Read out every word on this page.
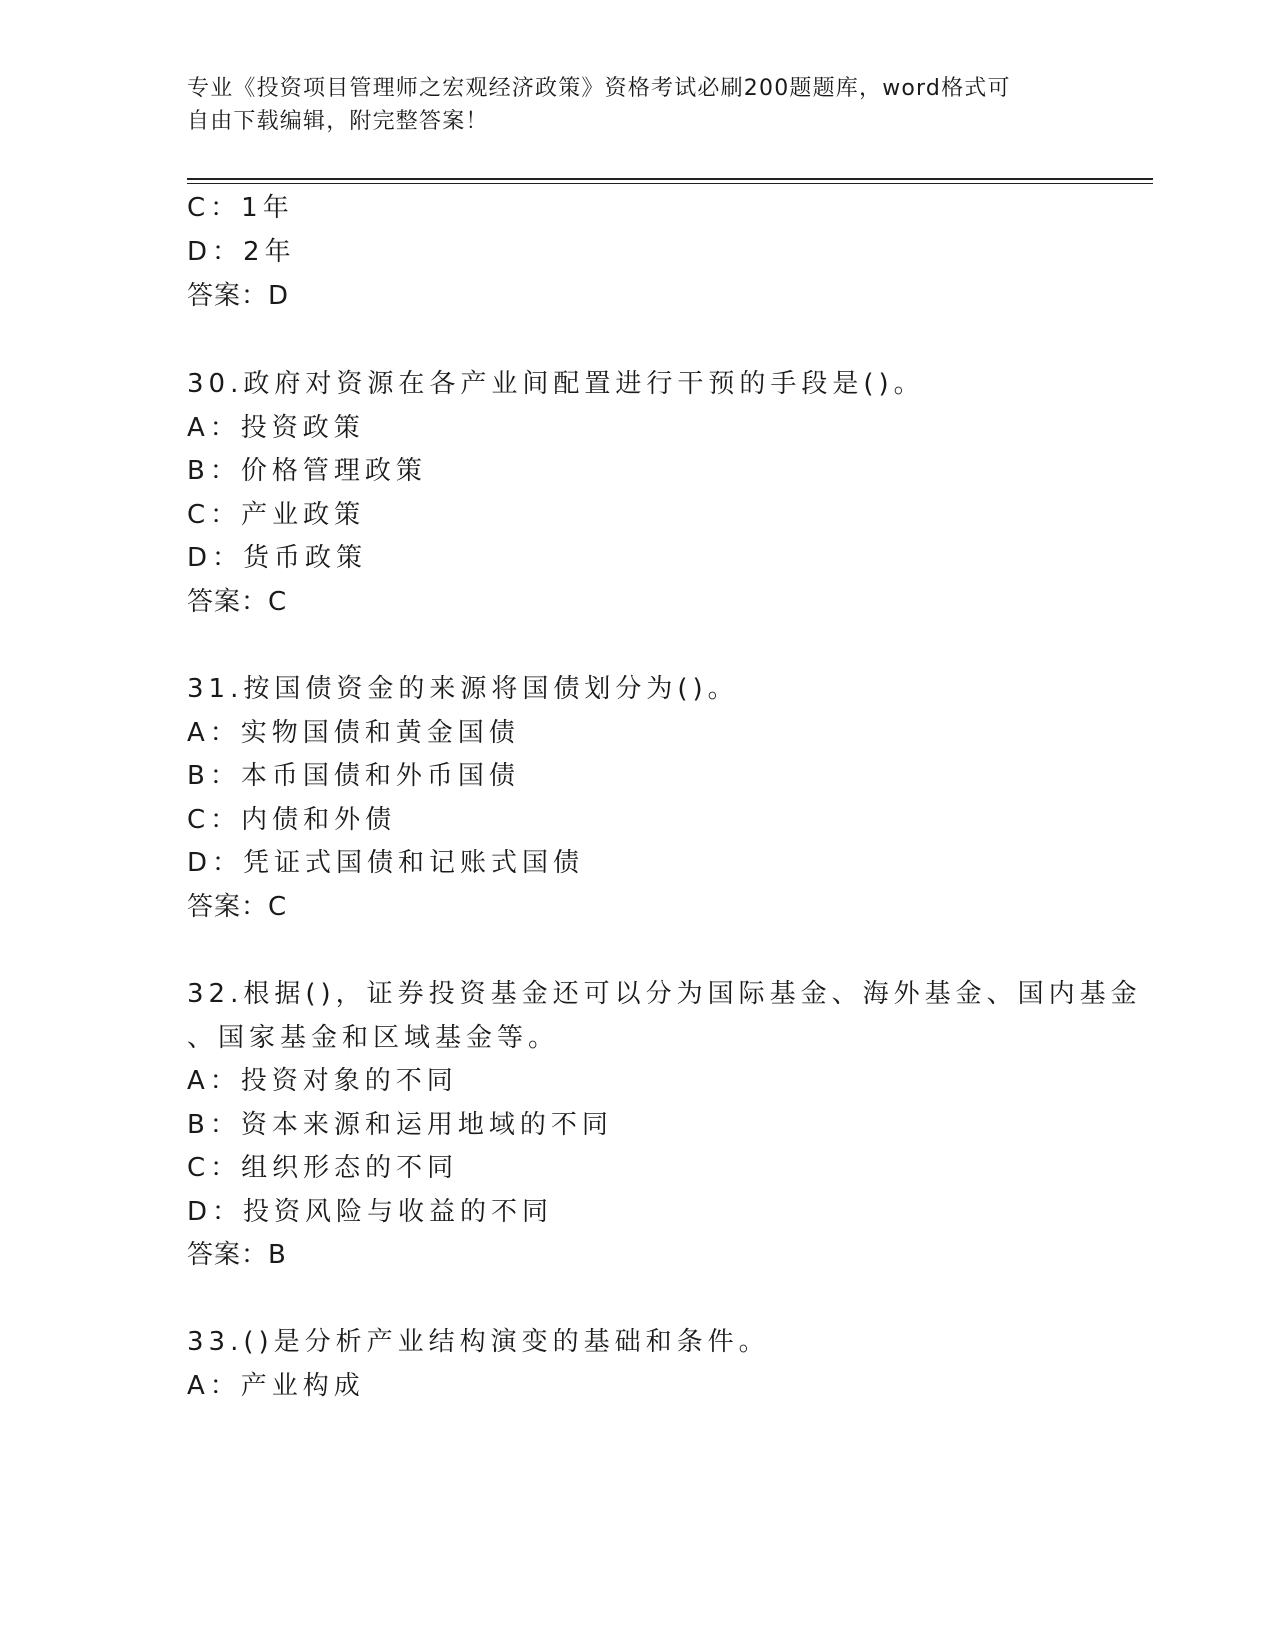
专业《投资项目管理师之宏观经济政策》资格考试必刷200题题库，word格式可
自由下载编辑，附完整答案！
C：1年
D：2年
答案：D
30.政府对资源在各产业间配置进行干预的手段是()。
A：投资政策
B：价格管理政策
C：产业政策
D：货币政策
答案：C
31.按国债资金的来源将国债划分为()。
A：实物国债和黄金国债
B：本币国债和外币国债
C：内债和外债
D：凭证式国债和记账式国债
答案：C
32.根据()，证券投资基金还可以分为国际基金、海外基金、国内基金
、国家基金和区域基金等。
A：投资对象的不同
B：资本来源和运用地域的不同
C：组织形态的不同
D：投资风险与收益的不同
答案：B
33.()是分析产业结构演变的基础和条件。
A：产业构成
